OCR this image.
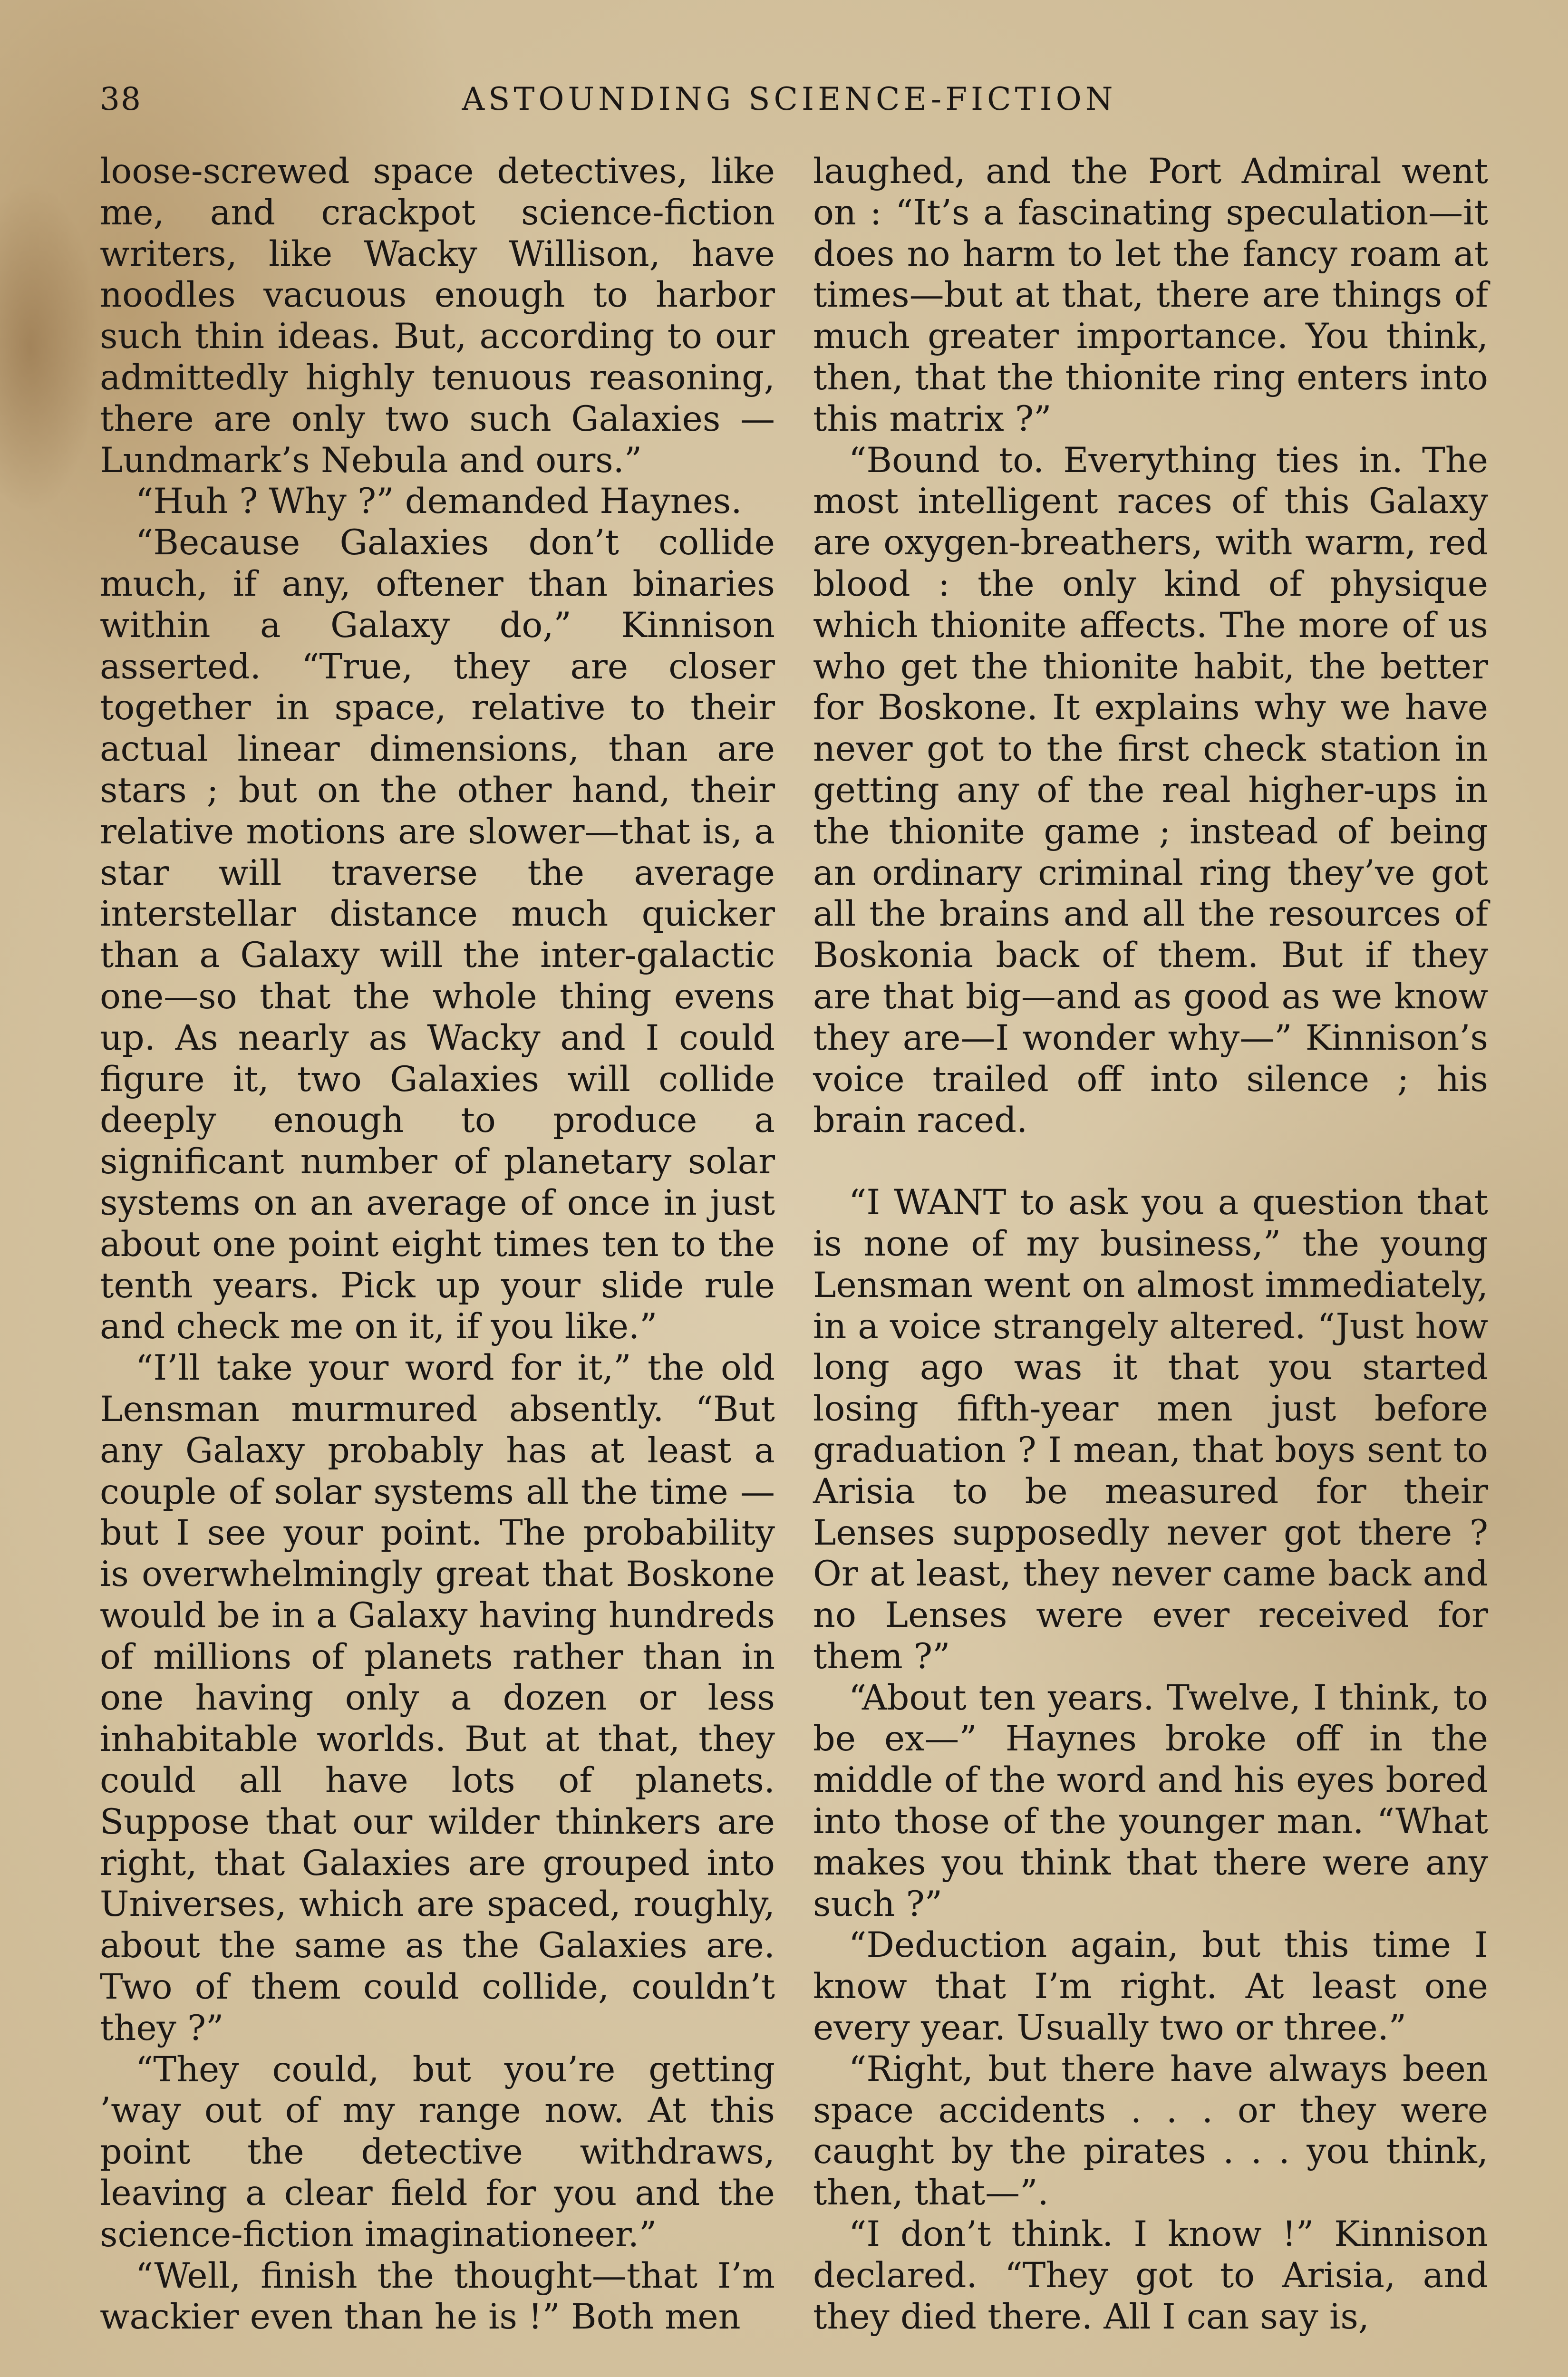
38	ASTOUNDING SCIENCE-FICTION

loose-screwed space detectives, like me, and crackpot science-fiction writers, like Wacky Willison, have noodles vacuous enough to harbor such thin ideas. But, according to our admittedly highly tenuous reasoning, there are only two such Galaxies —Lundmark’s Nebula and ours.”

“Huh ? Why ?” demanded Haynes.

“Because Galaxies don’t collide much, if any, oftener than binaries within a Galaxy do,” Kinnison asserted. “True, they are closer together in space, relative to their actual linear dimensions, than are stars ; but on the other hand, their relative motions are slower—that is, a star will traverse the average interstellar distance much quicker than a Galaxy will the inter-galactic one—so that the whole thing evens up. As nearly as Wacky and I could figure it, two Galaxies will collide deeply enough to produce a significant number of planetary solar systems on an average of once in just about one point eight times ten to the tenth years. Pick up your slide rule and check me on it, if you like.”

“I’ll take your word for it,” the old Lensman murmured absently. “But any Galaxy probably has at least a couple of solar systems all the time —but I see your point. The probability is overwhelmingly great that Boskone would be in a Galaxy having hundreds of millions of planets rather than in one having only a dozen or less inhabitable worlds. But at that, they could all have lots of planets. Suppose that our wilder thinkers are right, that Galaxies are grouped into Universes, which are spaced, roughly, about the same as the Galaxies are. Two of them could collide, couldn’t they ?”

“They could, but you’re getting ’way out of my range now. At this point the detective withdraws, leaving a clear field for you and the science-fiction imaginationeer.”

“Well, finish the thought—that I’m wackier even than he is !” Both men

laughed, and the Port Admiral went on : “It’s a fascinating speculation—it does no harm to let the fancy roam at times—but at that, there are things of much greater importance. You think, then, that the thionite ring enters into this matrix ?”

“Bound to. Everything ties in. The most intelligent races of this Galaxy are oxygen-breathers, with warm, red blood : the only kind of physique which thionite affects. The more of us who get the thionite habit, the better for Boskone. It explains why we have never got to the first check station in getting any of the real higher-ups in the thionite game ; instead of being an ordinary criminal ring they’ve got all the brains and all the resources of Boskonia back of them. But if they are that big—and as good as we know they are—I wonder why—” Kinnison’s voice trailed off into silence ; his brain raced.

“I WANT to ask you a question that is none of my business,” the young Lensman went on almost immediately, in a voice strangely altered. “Just how long ago was it that you started losing fifth-year men just before graduation ? I mean, that boys sent to Arisia to be measured for their Lenses supposedly never got there ? Or at least, they never came back and no Lenses were ever received for them ?”

“About ten years. Twelve, I think, to be ex—” Haynes broke off in the middle of the word and his eyes bored into those of the younger man. “What makes you think that there were any such ?”

“Deduction again, but this time I know that I’m right. At least one every year. Usually two or three.”

“Right, but there have always been space accidents . . . or they were caught by the pirates . . . you think, then, that—”.

“I don’t think. I know !” Kinnison declared. “They got to Arisia, and they died there. All I can say is,
